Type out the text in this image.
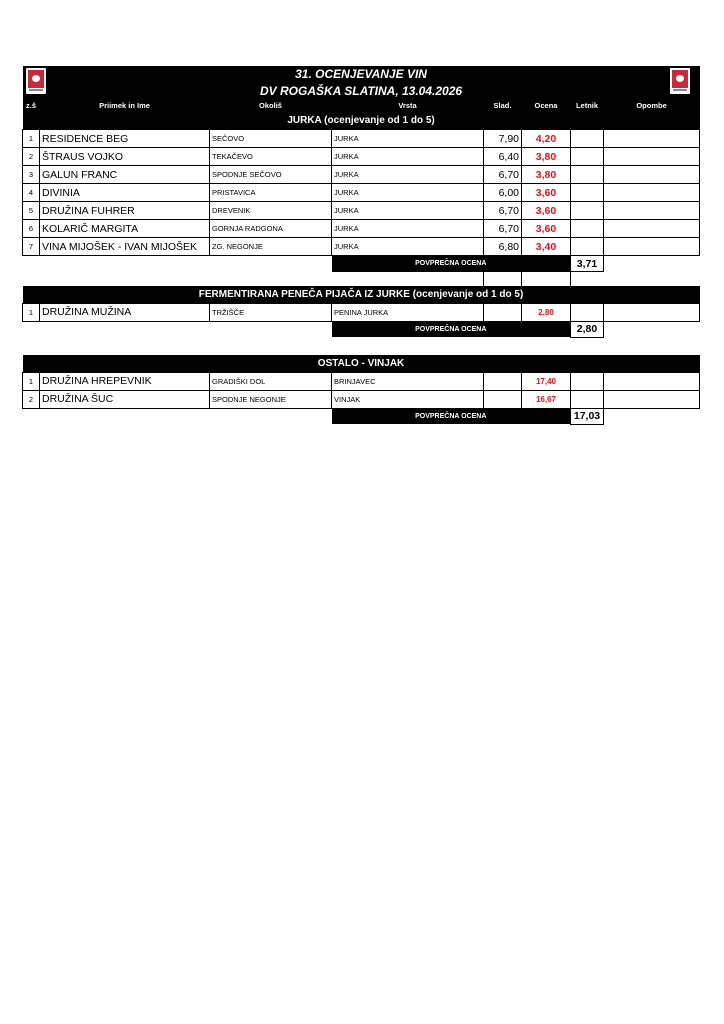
31. OCENJEVANJE VIN							
DV ROGAŠKA SLATINA, 13.04.2026							
z.š	Priimek in Ime	Okoliš	Vrsta	Slad.	Ocena	Letnik	Opombe
JURKA (ocenjevanje od 1 do 5)							
1	RESIDENCE BEG	SEČOVO	JURKA	7,90	4,20		
2	ŠTRAUS VOJKO	TEKAČEVO	JURKA	6,40	3,80		
3	GALUN FRANC	SPODNJE SEČOVO	JURKA	6,70	3,80		
4	DIVINIA	PRISTAVICA	JURKA	6,00	3,60		
5	DRUŽINA FUHRER	DREVENIK	JURKA	6,70	3,60		
6	KOLARIČ MARGITA	GORNJA RADGONA	JURKA	6,70	3,60		
7	VINA MIJOŠEK - IVAN MIJOŠEK	ZG. NEGONJE	JURKA	6,80	3,40		
			POVPREČNA OCENA			3,71	

FERMENTIRANA PENEČA PIJAČA IZ JURKE (ocenjevanje od 1 do 5)							
1	DRUŽINA MUŽINA	TRŽIŠČE	PENINA JURKA		2,80		
			POVPREČNA OCENA			2,80	

OSTALO - VINJAK							
1	DRUŽINA HREPEVNIK	GRADIŠKI DOL	BRINJAVEC		17,40		
2	DRUŽINA ŠUC	SPODNJE NEGONJE	VINJAK		16,67		
			POVPREČNA OCENA			17,03	
